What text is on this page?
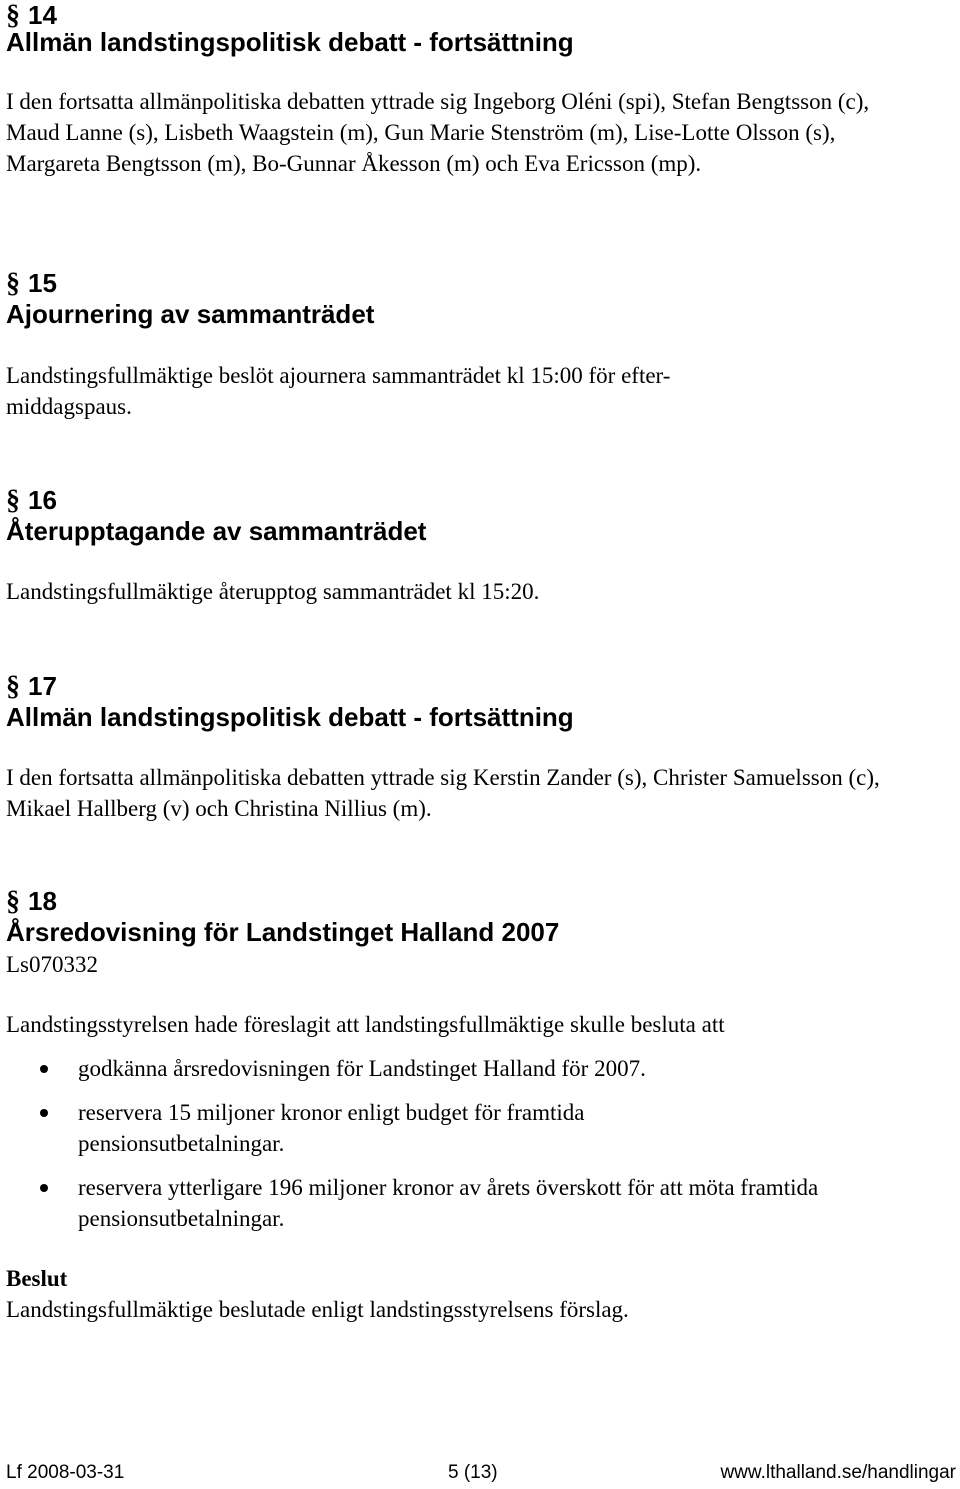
§ 14
Allmän landstingspolitisk debatt - fortsättning

I den fortsatta allmänpolitiska debatten yttrade sig Ingeborg Oléni (spi), Stefan Bengtsson (c), Maud Lanne (s), Lisbeth Waagstein (m), Gun Marie Stenström (m), Lise-Lotte Olsson (s), Margareta Bengtsson (m), Bo-Gunnar Åkesson (m) och Eva Ericsson (mp).

§ 15
Ajournering av sammanträdet

Landstingsfullmäktige beslöt ajournera sammanträdet kl 15:00 för efter-

middagspaus.

§ 16
Återupptagande av sammanträdet

Landstingsfullmäktige återupptog sammanträdet kl 15:20.

§ 17
Allmän landstingspolitisk debatt - fortsättning

I den fortsatta allmänpolitiska debatten yttrade sig Kerstin Zander (s), Christer Samuelsson (c), Mikael Hallberg (v) och Christina Nillius (m).

§ 18
Årsredovisning för Landstinget Halland 2007

Ls070332

Landstingsstyrelsen hade föreslagit att landstingsfullmäktige skulle besluta att

godkänna årsredovisningen för Landstinget Halland för 2007.
reservera 15 miljoner kronor enligt budget för framtida pensionsutbetalningar.
reservera ytterligare 196 miljoner kronor av årets överskott för att möta framtida pensionsutbetalningar.
Beslut

Landstingsfullmäktige beslutade enligt landstingsstyrelsens förslag.

Lf 2008-03-31	5 (13)	www.lthalland.se/handlingar
